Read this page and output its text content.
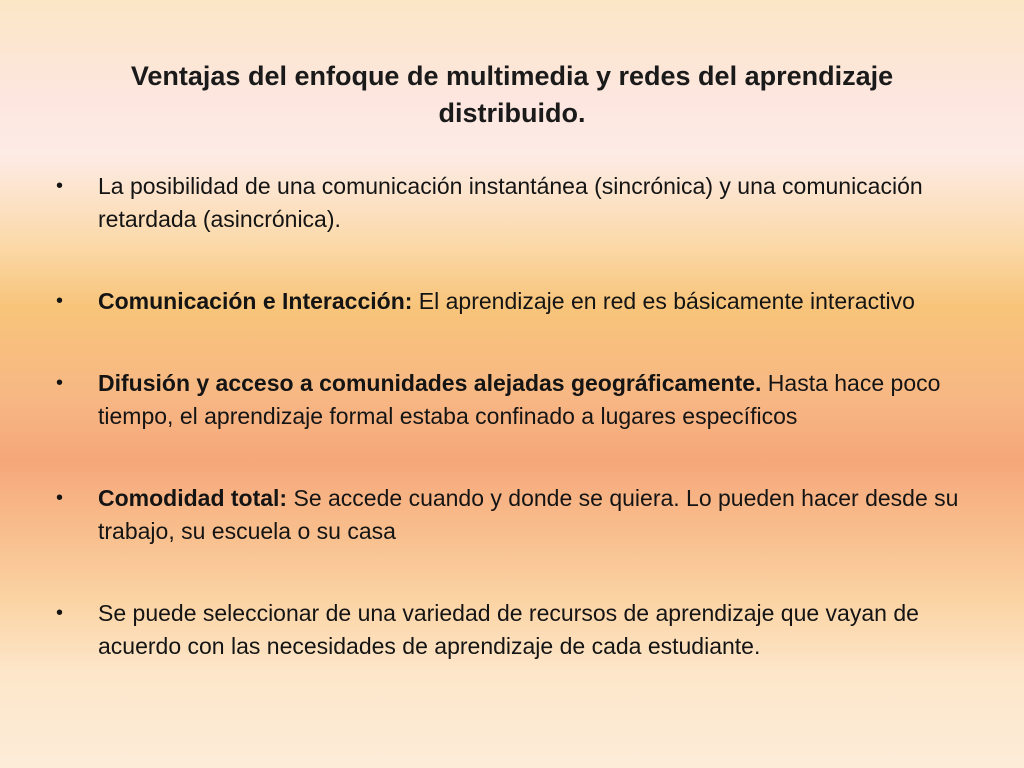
Ventajas del enfoque de multimedia y redes del aprendizaje distribuido.
• La posibilidad de una comunicación instantánea (sincrónica) y una comunicación retardada (asincrónica).
• Comunicación e Interacción: El aprendizaje en red es básicamente interactivo
• Difusión y acceso a comunidades alejadas geográficamente. Hasta hace poco tiempo, el aprendizaje formal estaba confinado a lugares específicos
• Comodidad total: Se accede cuando y donde se quiera. Lo pueden hacer desde su trabajo, su escuela o su casa
• Se puede seleccionar de una variedad de recursos de aprendizaje que vayan de acuerdo con las necesidades de aprendizaje de cada estudiante.
